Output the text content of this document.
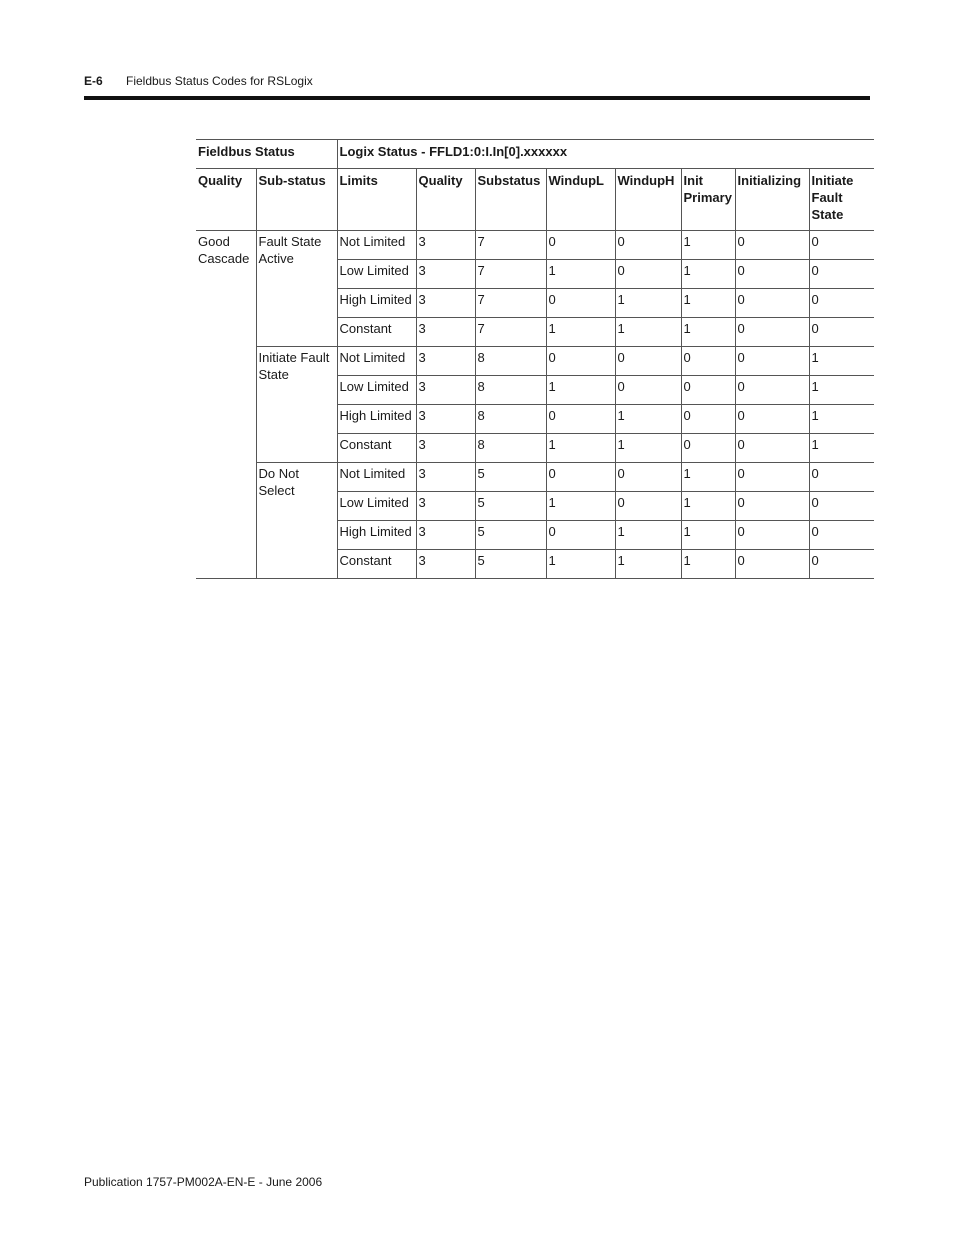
E-6 Fieldbus Status Codes for RSLogix
Fieldbus Status		Logix Status - FFLD1:0:I.In[0].xxxxxx							
Quality	Sub-status	Limits	Quality	Substatus	WindupL	WindupH	Init Primary	Initializing	Initiate Fault State
Good Cascade	Fault State Active	Not Limited	3	7	0	0	1	0	0
		Low Limited	3	7	1	0	1	0	0
		High Limited	3	7	0	1	1	0	0
		Constant	3	7	1	1	1	0	0
	Initiate Fault State	Not Limited	3	8	0	0	0	0	1
		Low Limited	3	8	1	0	0	0	1
		High Limited	3	8	0	1	0	0	1
		Constant	3	8	1	1	0	0	1
	Do Not Select	Not Limited	3	5	0	0	1	0	0
		Low Limited	3	5	1	0	1	0	0
		High Limited	3	5	0	1	1	0	0
		Constant	3	5	1	1	1	0	0
Publication 1757-PM002A-EN-E - June 2006
